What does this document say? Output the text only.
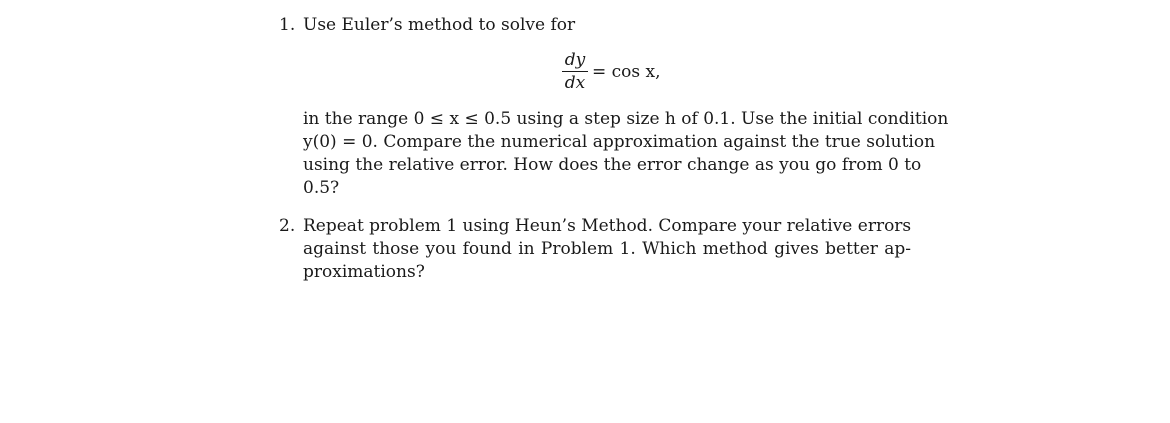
1. Use Euler’s method to solve for
dy
dx
= cos x,
in the range 0 ≤ x ≤ 0.5 using a step size h of 0.1. Use the initial condition
y(0) = 0. Compare the numerical approximation against the true solution
using the relative error. How does the error change as you go from 0 to
0.5?
2. Repeat problem 1 using Heun’s Method. Compare your relative errors
against those you found in Problem 1. Which method gives better ap-
proximations?
